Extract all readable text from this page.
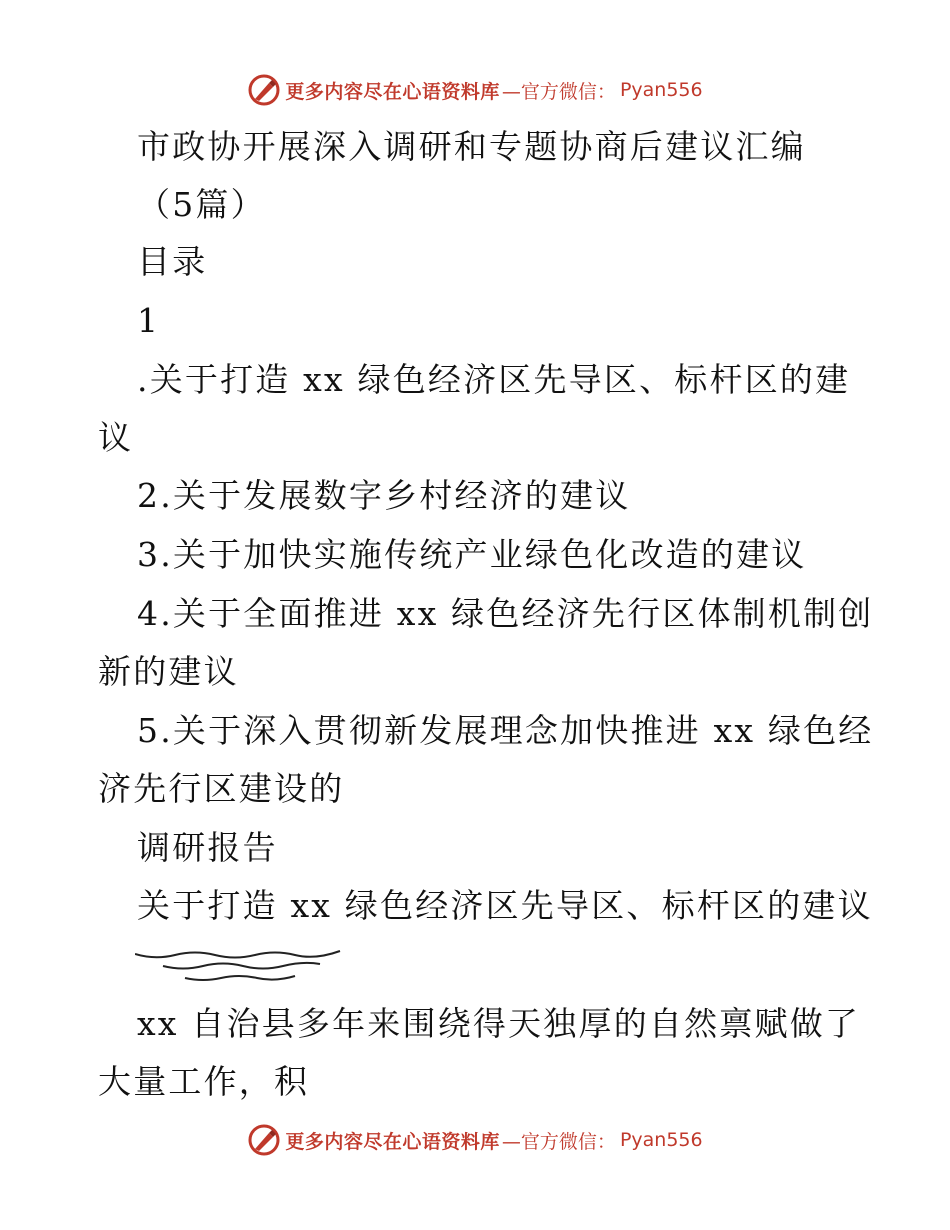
更多内容尽在心语资料库 —官方微信： Pyan556
市政协开展深入调研和专题协商后建议汇编
（5篇）
目录
1
.关于打造 xx 绿色经济区先导区、标杆区的建
议
2.关于发展数字乡村经济的建议
3.关于加快实施传统产业绿色化改造的建议
4.关于全面推进 xx 绿色经济先行区体制机制创
新的建议
5.关于深入贯彻新发展理念加快推进 xx 绿色经
济先行区建设的
调研报告
关于打造 xx 绿色经济区先导区、标杆区的建议
xx 自治县多年来围绕得天独厚的自然禀赋做了
大量工作，积
更多内容尽在心语资料库 —官方微信： Pyan556
